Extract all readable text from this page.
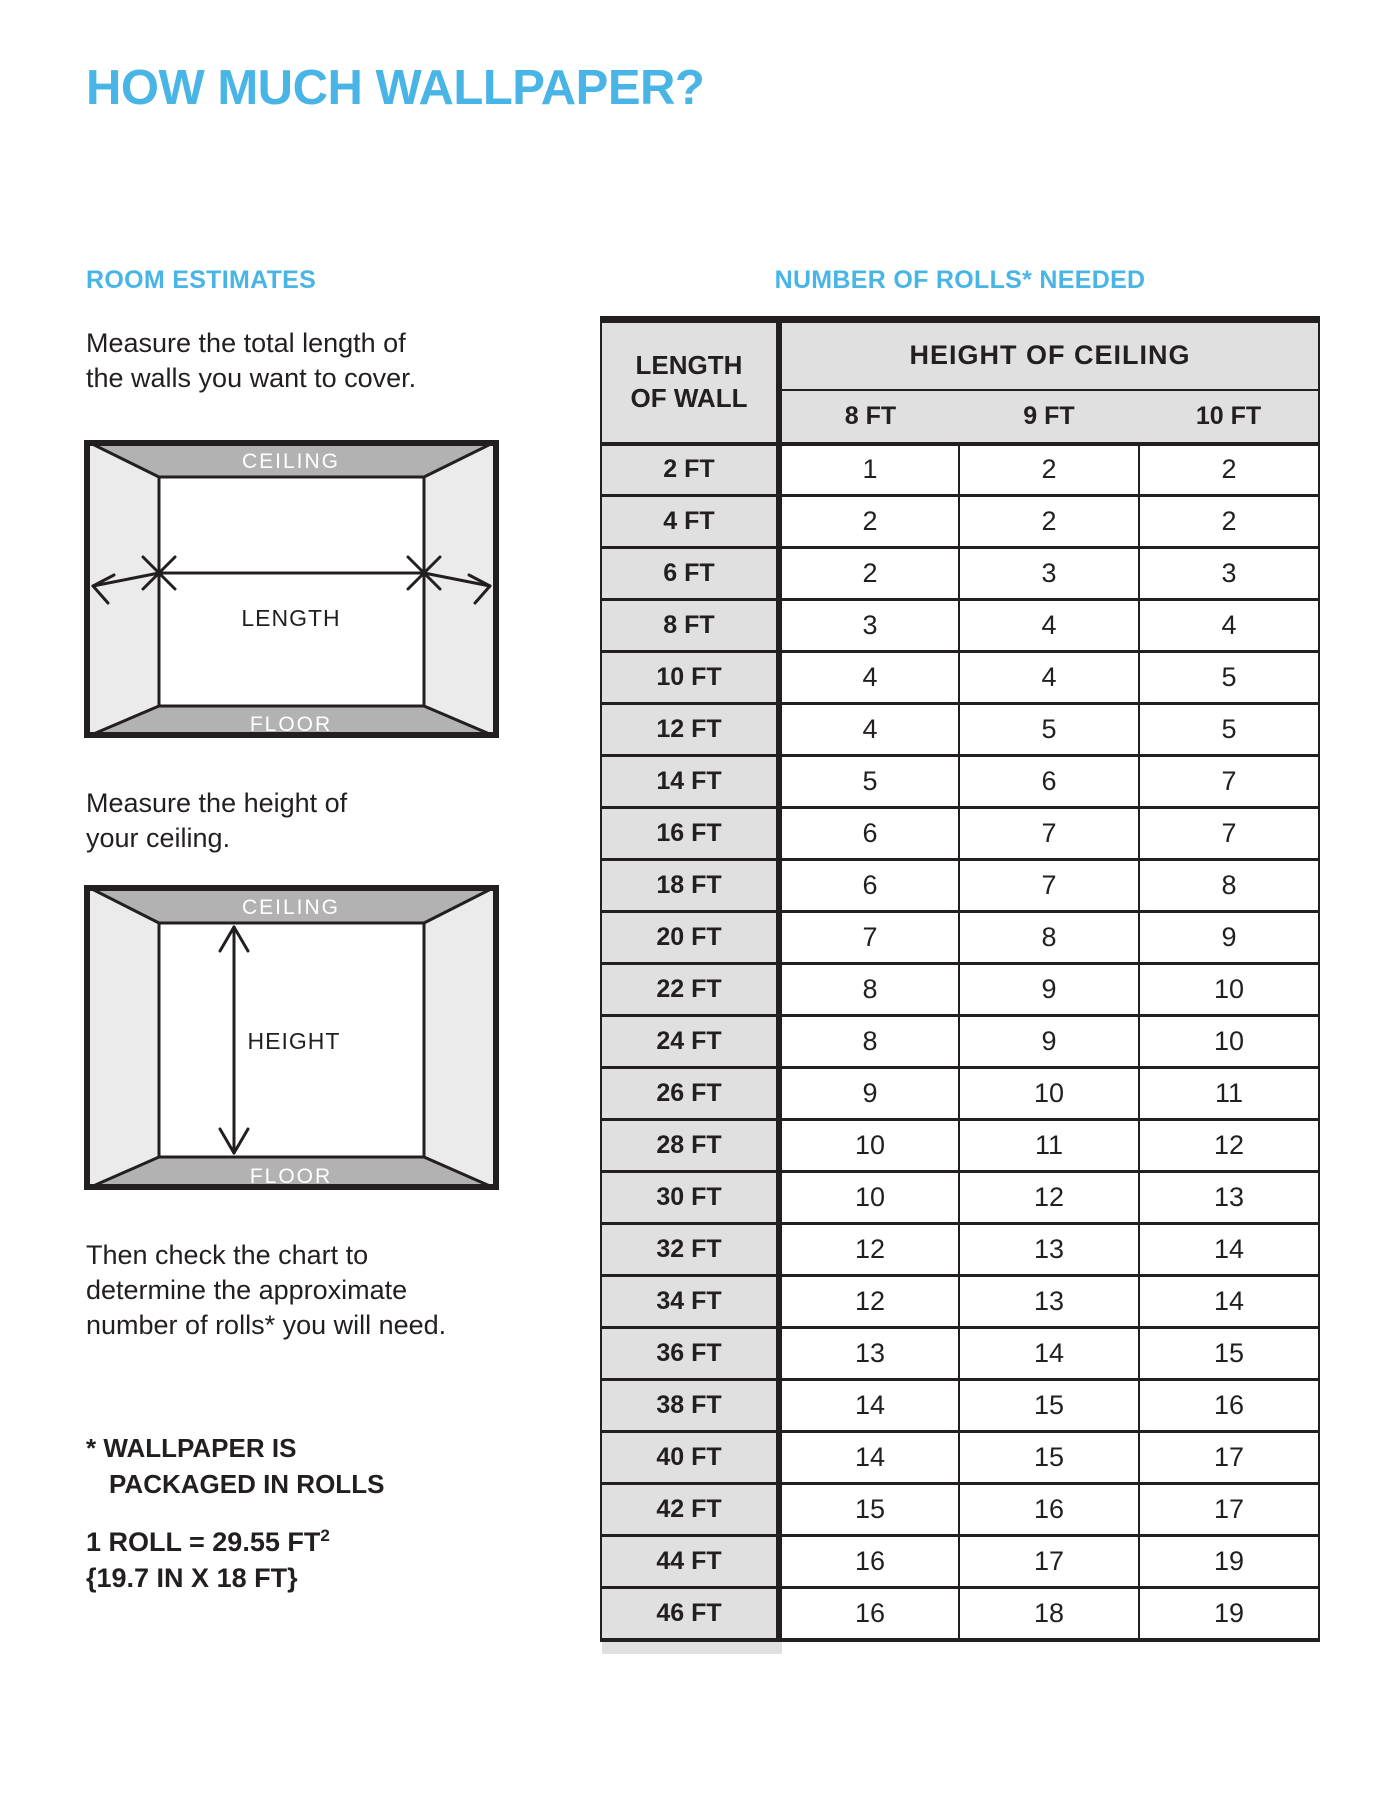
HOW MUCH WALLPAPER?
ROOM ESTIMATES
Measure the total length of
the walls you want to cover.
CEILING
LENGTH
FLOOR
Measure the height of
your ceiling.
CEILING
HEIGHT
FLOOR
Then check the chart to
determine the approximate
number of rolls* you will need.
* WALLPAPER IS
PACKAGED IN ROLLS
1 ROLL = 29.55 $FT^2$
{19.7 IN X 18 FT}
NUMBER OF ROLLS* NEEDED
LENGTH
OF WALL	HEIGHT OF CEILING		
	8 FT	9 FT	10 FT
2 FT	1	2	2
4 FT	2	2	2
6 FT	2	3	3
8 FT	3	4	4
10 FT	4	4	5
12 FT	4	5	5
14 FT	5	6	7
16 FT	6	7	7
18 FT	6	7	8
20 FT	7	8	9
22 FT	8	9	10
24 FT	8	9	10
26 FT	9	10	11
28 FT	10	11	12
30 FT	10	12	13
32 FT	12	13	14
34 FT	12	13	14
36 FT	13	14	15
38 FT	14	15	16
40 FT	14	15	17
42 FT	15	16	17
44 FT	16	17	19
46 FT	16	18	19
